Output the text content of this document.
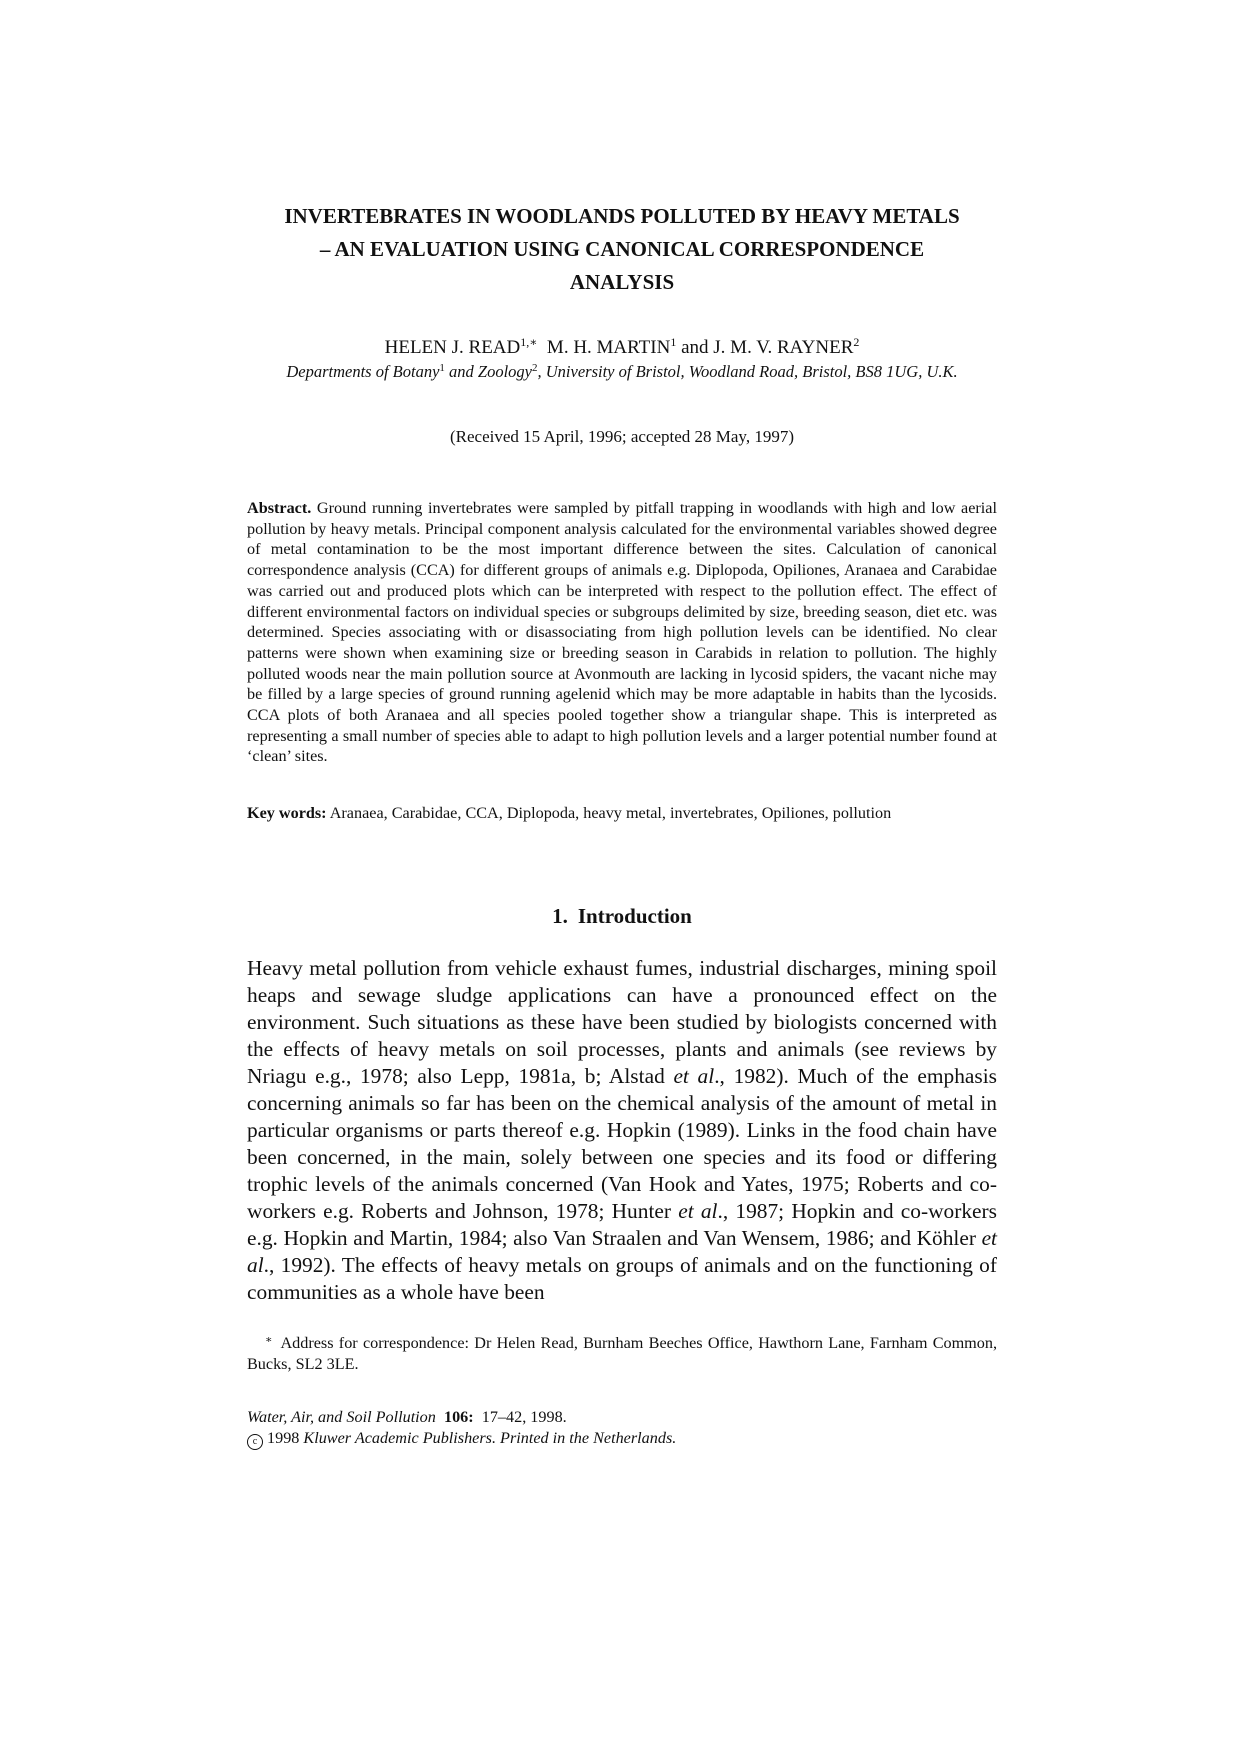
INVERTEBRATES IN WOODLANDS POLLUTED BY HEAVY METALS
– AN EVALUATION USING CANONICAL CORRESPONDENCE
ANALYSIS
HELEN J. $READ^{1,∗}$ M. H. MARTIN$^1$ and J. M. V. RAYNER$^2$
Departments of Botany$^1$ and Zoology$^2$, University of Bristol, Woodland Road, Bristol, BS8 1UG, U.K.
(Received 15 April, 1996; accepted 28 May, 1997)
Abstract. Ground running invertebrates were sampled by pitfall trapping in woodlands with high and low aerial pollution by heavy metals. Principal component analysis calculated for the environmental variables showed degree of metal contamination to be the most important difference between the sites. Calculation of canonical correspondence analysis (CCA) for different groups of animals e.g. Diplopoda, Opiliones, Aranaea and Carabidae was carried out and produced plots which can be interpreted with respect to the pollution effect. The effect of different environmental factors on individual species or subgroups delimited by size, breeding season, diet etc. was determined. Species associating with or disassociating from high pollution levels can be identified. No clear patterns were shown when examining size or breeding season in Carabids in relation to pollution. The highly polluted woods near the main pollution source at Avonmouth are lacking in lycosid spiders, the vacant niche may be filled by a large species of ground running agelenid which may be more adaptable in habits than the lycosids. CCA plots of both Aranaea and all species pooled together show a triangular shape. This is interpreted as representing a small number of species able to adapt to high pollution levels and a larger potential number found at ‘clean’ sites.
Key words: Aranaea, Carabidae, CCA, Diplopoda, heavy metal, invertebrates, Opiliones, pollution
1. Introduction
Heavy metal pollution from vehicle exhaust fumes, industrial discharges, mining spoil heaps and sewage sludge applications can have a pronounced effect on the environment. Such situations as these have been studied by biologists concerned with the effects of heavy metals on soil processes, plants and animals (see reviews by Nriagu e.g., 1978; also Lepp, 1981a, b; Alstad et al., 1982). Much of the emphasis concerning animals so far has been on the chemical analysis of the amount of metal in particular organisms or parts thereof e.g. Hopkin (1989). Links in the food chain have been concerned, in the main, solely between one species and its food or differing trophic levels of the animals concerned (Van Hook and Yates, 1975; Roberts and co-workers e.g. Roberts and Johnson, 1978; Hunter et al., 1987; Hopkin and co-workers e.g. Hopkin and Martin, 1984; also Van Straalen and Van Wensem, 1986; and Köhler et al., 1992). The effects of heavy metals on groups of animals and on the functioning of communities as a whole have been
∗ Address for correspondence: Dr Helen Read, Burnham Beeches Office, Hawthorn Lane, Farnham Common, Bucks, SL2 3LE.
Water, Air, and Soil Pollution 106: 17–42, 1998.
c 1998 Kluwer Academic Publishers. Printed in the Netherlands.
